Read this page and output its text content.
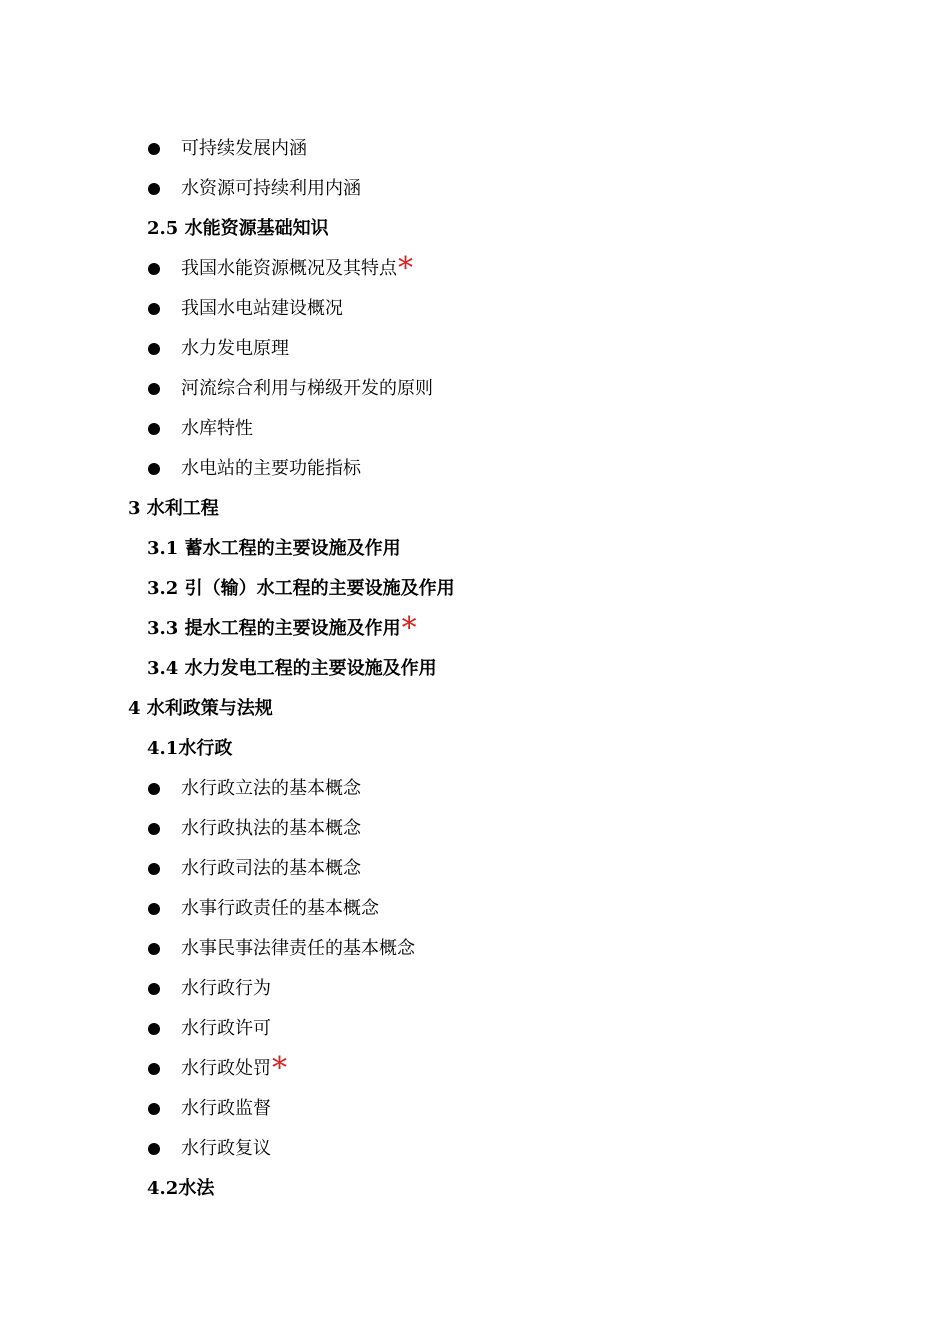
可持续发展内涵
水资源可持续利用内涵
2.5 水能资源基础知识
我国水能资源概况及其特点*
我国水电站建设概况
水力发电原理
河流综合利用与梯级开发的原则
水库特性
水电站的主要功能指标
3 水利工程
3.1 蓄水工程的主要设施及作用
3.2 引（输）水工程的主要设施及作用
3.3 提水工程的主要设施及作用*
3.4 水力发电工程的主要设施及作用
4 水利政策与法规
4.1水行政
水行政立法的基本概念
水行政执法的基本概念
水行政司法的基本概念
水事行政责任的基本概念
水事民事法律责任的基本概念
水行政行为
水行政许可
水行政处罚*
水行政监督
水行政复议
4.2水法
